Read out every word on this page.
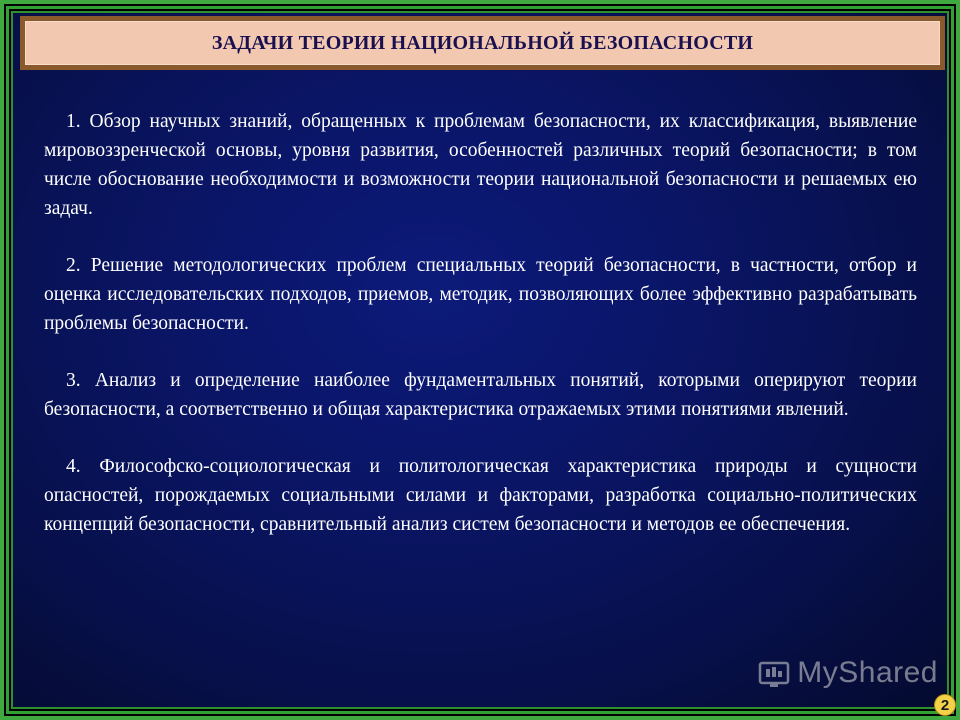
ЗАДАЧИ ТЕОРИИ НАЦИОНАЛЬНОЙ БЕЗОПАСНОСТИ

1. Обзор научных знаний, обращенных к проблемам безопасности, их классификация, выявление мировоззренческой основы, уровня развития, особенностей различных теорий безопасности; в том числе обоснование необходимости и возможности теории национальной безопасности и решаемых ею задач.

2. Решение методологических проблем специальных теорий безопасности, в частности, отбор и оценка исследовательских подходов, приемов, методик, позволяющих более эффективно разрабатывать проблемы безопасности.

3. Анализ и определение наиболее фундаментальных понятий, которыми оперируют теории безопасности, а соответственно и общая характеристика отражаемых этими понятиями явлений.

4. Философско-социологическая и политологическая характеристика природы и сущности опасностей, порождаемых социальными силами и факторами, разработка социально-политических концепций безопасности, сравнительный анализ систем безопасности и методов ее обеспечения.

MyShared
2
